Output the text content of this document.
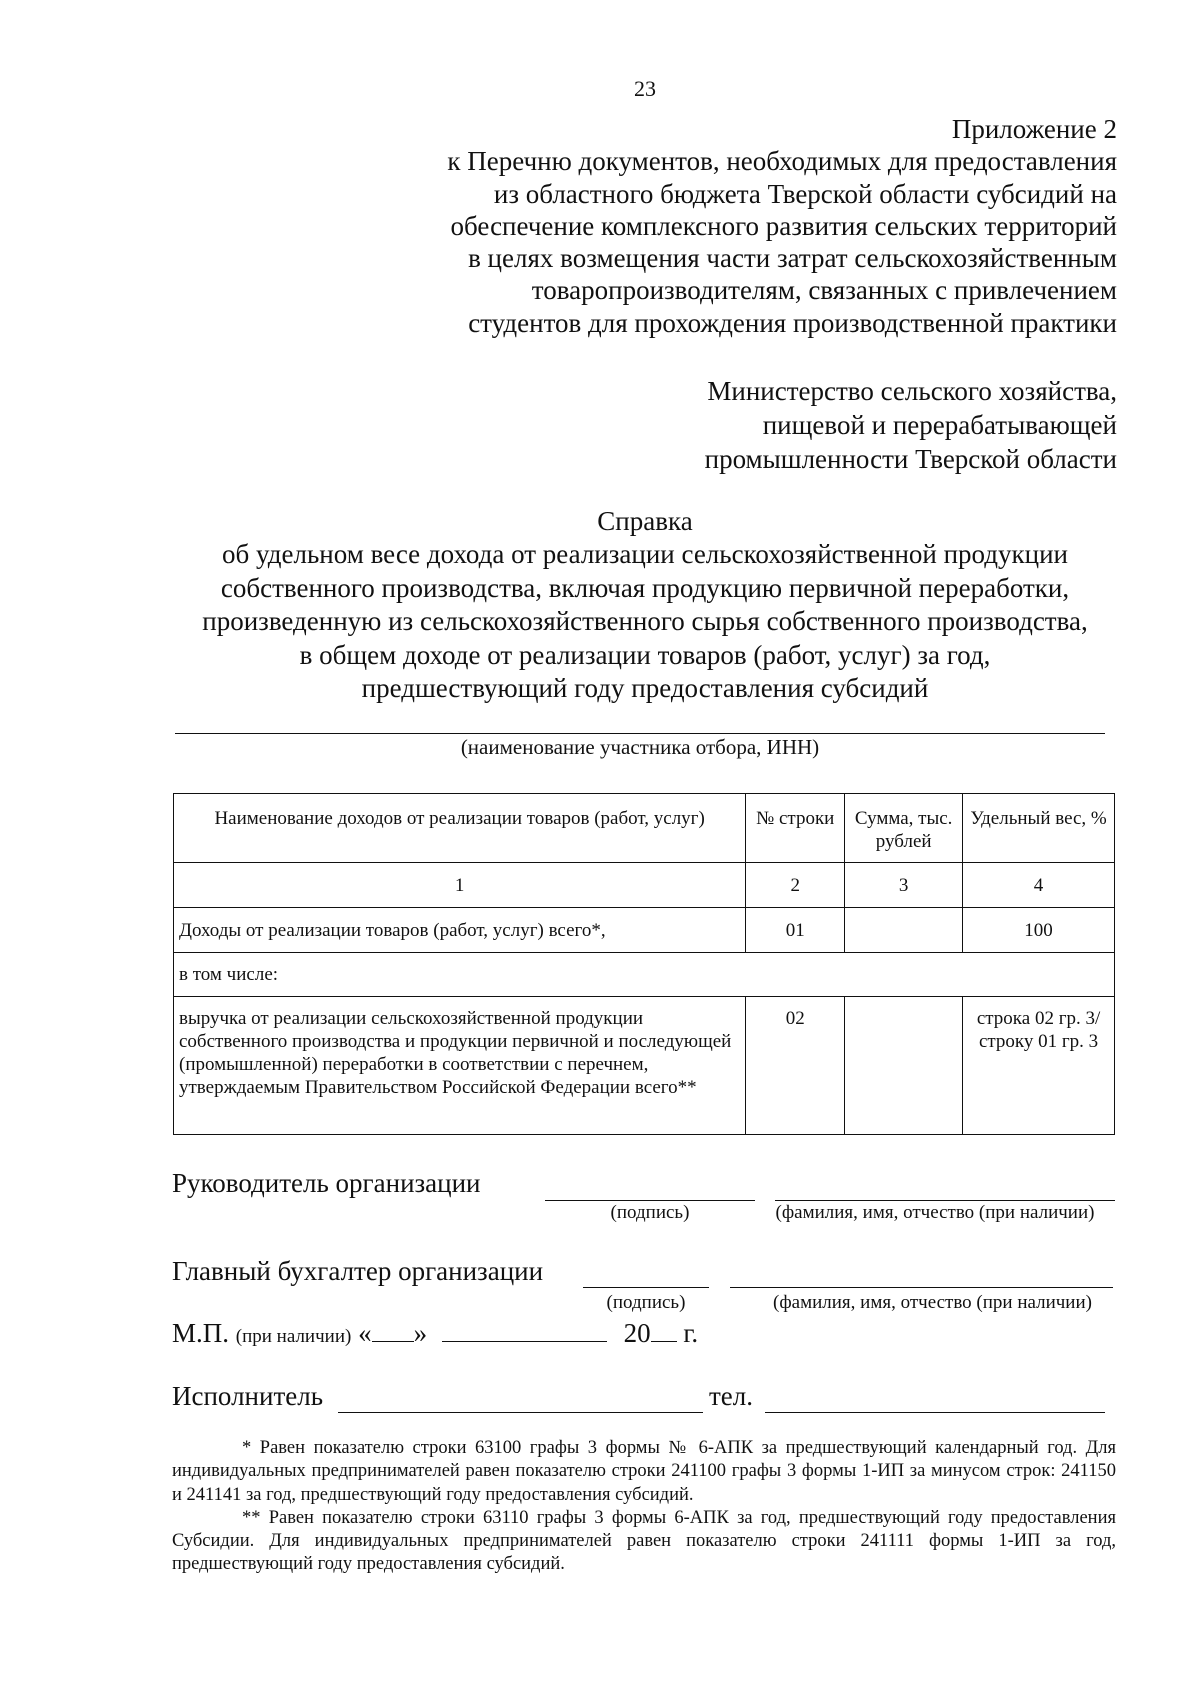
23
Приложение 2
к Перечню документов, необходимых для предоставления
из областного бюджета Тверской области субсидий на
обеспечение комплексного развития сельских территорий
в целях возмещения части затрат сельскохозяйственным
товаропроизводителям, связанных с привлечением
студентов для прохождения производственной практики
Министерство сельского хозяйства,
пищевой и перерабатывающей
промышленности Тверской области
Справка
об удельном весе дохода от реализации сельскохозяйственной продукции
собственного производства, включая продукцию первичной переработки,
произведенную из сельскохозяйственного сырья собственного производства,
в общем доходе от реализации товаров (работ, услуг) за год,
предшествующий году предоставления субсидий
(наименование участника отбора, ИНН)
Наименование доходов от реализации товаров (работ, услуг)	№ строки	Сумма, тыс. рублей	Удельный вес, %
1	2	3	4
Доходы от реализации товаров (работ, услуг) всего*,	01		100
в том числе:			
выручка от реализации сельскохозяйственной продукции собственного производства и продукции первичной и последующей (промышленной) переработки в соответствии с перечнем, утверждаемым Правительством Российской Федерации всего**	02		строка 02 гр. 3/ строку 01 гр. 3
Руководитель организации
(подпись)	(фамилия, имя, отчество (при наличии)
Главный бухгалтер организации
(подпись)	(фамилия, имя, отчество (при наличии)
М.П. (при наличии) « »	20 г.
Исполнитель	тел.

* Равен показателю строки 63100 графы 3 формы № 6-АПК за предшествующий календарный год. Для индивидуальных предпринимателей равен показателю строки 241100 графы 3 формы 1-ИП за минусом строк: 241150 и 241141 за год, предшествующий году предоставления субсидий.

** Равен показателю строки 63110 графы 3 формы 6-АПК за год, предшествующий году предоставления Субсидии. Для индивидуальных предпринимателей равен показателю строки 241111 формы 1-ИП за год, предшествующий году предоставления субсидий.
